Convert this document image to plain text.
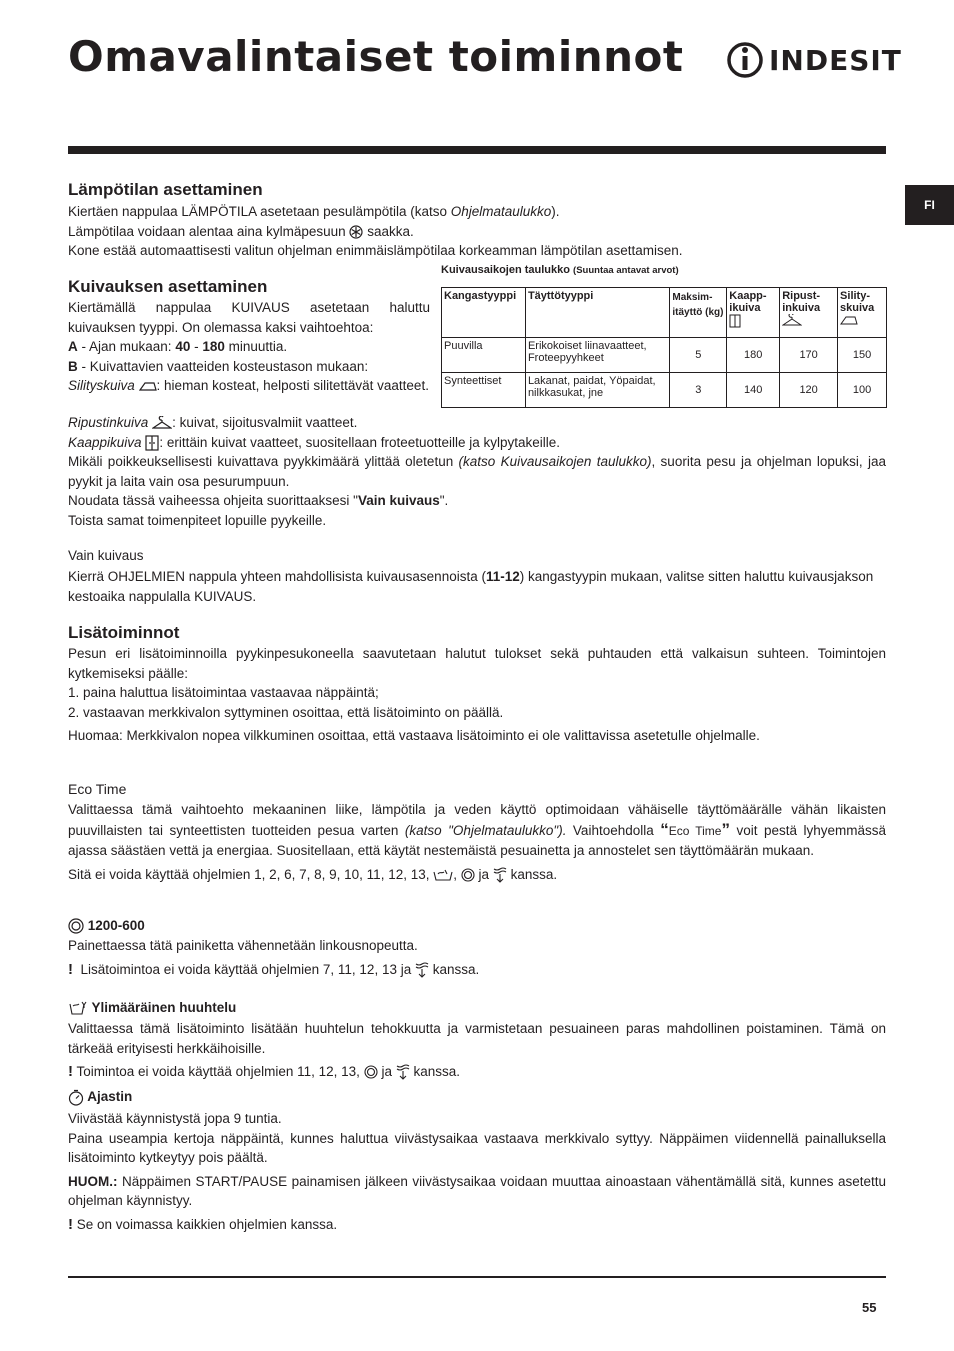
Omavalintaiset toiminnot	INDESIT
FI
Lämpötilan asettaminen
Kiertäen nappulaa LÄMPÖTILA asetetaan pesulämpötila (katso Ohjelmataulukko).
Lämpötilaa voidaan alentaa aina kylmäpesuun  saakka.
Kone estää automaattisesti valitun ohjelman enimmäislämpötilaa korkeamman lämpötilan asettamisen.
Kuivauksen asettaminen
Kiertämällä nappulaa KUIVAUS asetetaan haluttu kuivauksen tyyppi. On olemassa kaksi vaihtoehtoa:
A - Ajan mukaan: 40 - 180 minuuttia.
B - Kuivattavien vaatteiden kosteustason mukaan:
Silityskuiva : hieman kosteat, helposti silitettävät vaatteet.
Ripustinkuiva : kuivat, sijoitusvalmiit vaatteet.
Kaappikuiva : erittäin kuivat vaatteet, suositellaan froteetuotteille ja kylpytakeille.
Mikäli poikkeuksellisesti kuivattava pyykkimäärä ylittää oletetun (katso Kuivausaikojen taulukko), suorita pesu ja ohjelman lopuksi, jaa pyykit ja laita vain osa pesurumpuun.
Noudata tässä vaiheessa ohjeita suorittaaksesi "Vain kuivaus".
Toista samat toimenpiteet lopuille pyykeille.
Kuivausaikojen taulukko (Suuntaa antavat arvot)
Kangastyyppi	Täyttötyyppi	Maksim-itäyttö (kg)	Kaapp-ikuiva	Ripust-inkuiva	Sility-skuiva

Puuvilla	Erikokoiset liinavaatteet, Froteepyyhkeet	5	180	170	150
Synteettiset	Lakanat, paidat, Yöpaidat, nilkkasukat, jne	3	140	120	100
Vain kuivaus
Kierrä OHJELMIEN nappula yhteen mahdollisista kuivausasennoista (11-12) kangastyypin mukaan, valitse sitten haluttu kuivausjakson kestoaika nappulalla KUIVAUS.
Lisätoiminnot
Pesun eri lisätoiminnoilla pyykinpesukoneella saavutetaan halutut tulokset sekä puhtauden että valkaisun suhteen. Toimintojen kytkemiseksi päälle:
1. paina haluttua lisätoimintaa vastaavaa näppäintä;
2. vastaavan merkkivalon syttyminen osoittaa, että lisätoiminto on päällä.
Huomaa: Merkkivalon nopea vilkkuminen osoittaa, että vastaava lisätoiminto ei ole valittavissa asetetulle ohjelmalle.
Eco Time
Valittaessa tämä vaihtoehto mekaaninen liike, lämpötila ja veden käyttö optimoidaan vähäiselle täyttömäärälle vähän likaisten puuvillaisten tai synteettisten tuotteiden pesua varten (katso "Ohjelmataulukko"). Vaihtoehdolla “Eco Time” voit pestä lyhyemmässä ajassa säästäen vettä ja energiaa. Suositellaan, että käytät nestemäistä pesuainetta ja annostelet sen täyttömäärän mukaan.
Sitä ei voida käyttää ohjelmien 1, 2, 6, 7, 8, 9, 10, 11, 12, 13, ,  ja  kanssa.
1200-600
Painettaessa tätä painiketta vähennetään linkousnopeutta.
! Lisätoimintoa ei voida käyttää ohjelmien 7, 11, 12, 13 ja  kanssa.
Ylimääräinen huuhtelu
Valittaessa tämä lisätoiminto lisätään huuhtelun tehokkuutta ja varmistetaan pesuaineen paras mahdollinen poistaminen. Tämä on tärkeää erityisesti herkkäihoisille.
! Toimintoa ei voida käyttää ohjelmien 11, 12, 13,  ja  kanssa.
Ajastin
Viivästää käynnistystä jopa 9 tuntia.
Paina useampia kertoja näppäintä, kunnes haluttua viivästysaikaa vastaava merkkivalo syttyy. Näppäimen viidennellä painalluksella lisätoiminto kytkeytyy pois päältä.
HUOM.: Näppäimen START/PAUSE painamisen jälkeen viivästysaikaa voidaan muuttaa ainoastaan vähentämällä sitä, kunnes asetettu ohjelman käynnistyy.
! Se on voimassa kaikkien ohjelmien kanssa.
55
